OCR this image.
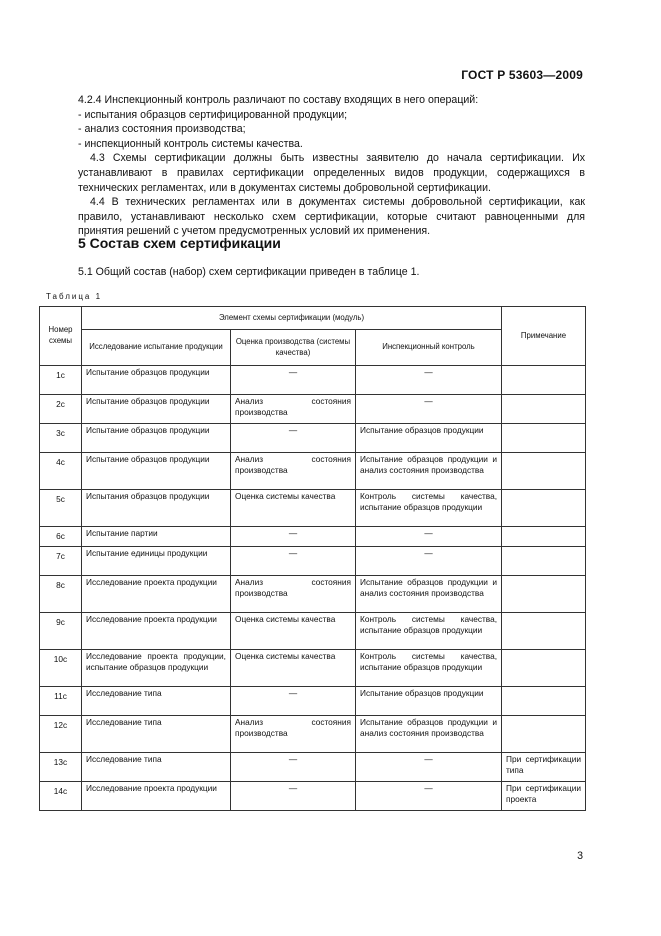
ГОСТ Р 53603—2009

4.2.4 Инспекционный контроль различают по составу входящих в него операций:

- испытания образцов сертифицированной продукции;

- анализ состояния производства;

- инспекционный контроль системы качества.

4.3 Схемы сертификации должны быть известны заявителю до начала сертификации. Их устанавливают в правилах сертификации определенных видов продукции, содержащихся в технических регламентах, или в документах системы добровольной сертификации.

4.4 В технических регламентах или в документах системы добровольной сертификации, как правило, устанавливают несколько схем сертификации, которые считают равноценными для принятия решений с учетом предусмотренных условий их применения.

5 Состав схем сертификации

5.1 Общий состав (набор) схем сертификации приведен в таблице 1.

Таблица 1
Номер схемы	Элемент схемы сертификации (модуль)			Примечание
	Исследование испытание продукции	Оценка производства (системы качества)	Инспекционный контроль	
1с	Испытание образцов продукции	—	—	
2с	Испытание образцов продукции	Анализ состояния производства	—	
3с	Испытание образцов продукции	—	Испытание образцов продукции	
4с	Испытание образцов продукции	Анализ состояния производства	Испытание образцов продукции и анализ состояния производства	
5с	Испытания образцов продукции	Оценка системы качества	Контроль системы качества, испытание образцов продукции	
6с	Испытание партии	—	—	
7с	Испытание единицы продукции	—	—	
8с	Исследование проекта продукции	Анализ состояния производства	Испытание образцов продукции и анализ состояния производства	
9с	Исследование проекта продукции	Оценка системы качества	Контроль системы качества, испытание образцов продукции	
10с	Исследование проекта продукции, испытание образцов продукции	Оценка системы качества	Контроль системы качества, испытание образцов продукции	
11с	Исследование типа	—	Испытание образцов продукции	
12с	Исследование типа	Анализ состояния производства	Испытание образцов продукции и анализ состояния производства	
13с	Исследование типа	—	—	При сертификации типа
14с	Исследование проекта продукции	—	—	При сертификации проекта
3
